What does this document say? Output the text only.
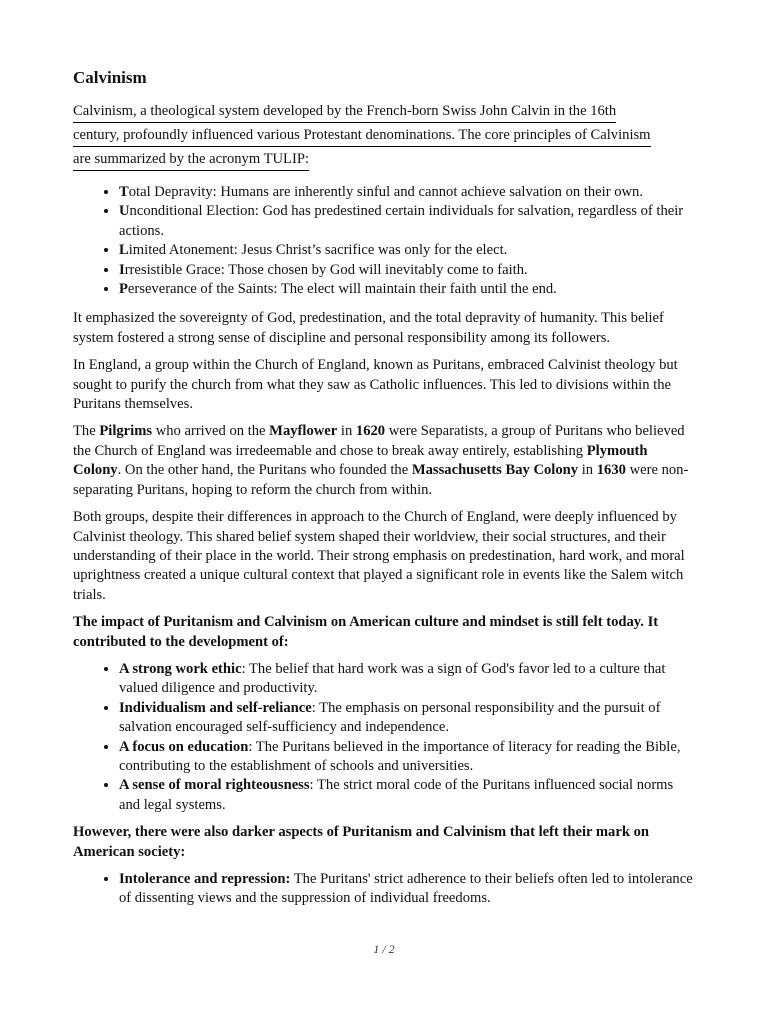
Calvinism
Calvinism, a theological system developed by the French-born Swiss John Calvin in the 16th
century, profoundly influenced various Protestant denominations. The core principles of Calvinism
are summarized by the acronym TULIP:
• Total Depravity: Humans are inherently sinful and cannot achieve salvation on their own.
• Unconditional Election: God has predestined certain individuals for salvation, regardless of their actions.
• Limited Atonement: Jesus Christ’s sacrifice was only for the elect.
• Irresistible Grace: Those chosen by God will inevitably come to faith.
• Perseverance of the Saints: The elect will maintain their faith until the end.

It emphasized the sovereignty of God, predestination, and the total depravity of humanity. This belief system fostered a strong sense of discipline and personal responsibility among its followers.

In England, a group within the Church of England, known as Puritans, embraced Calvinist theology but sought to purify the church from what they saw as Catholic influences. This led to divisions within the Puritans themselves.

The Pilgrims who arrived on the Mayflower in 1620 were Separatists, a group of Puritans who believed the Church of England was irredeemable and chose to break away entirely, establishing Plymouth Colony. On the other hand, the Puritans who founded the Massachusetts Bay Colony in 1630 were non-separating Puritans, hoping to reform the church from within.

Both groups, despite their differences in approach to the Church of England, were deeply influenced by Calvinist theology. This shared belief system shaped their worldview, their social structures, and their understanding of their place in the world. Their strong emphasis on predestination, hard work, and moral uprightness created a unique cultural context that played a significant role in events like the Salem witch trials.

The impact of Puritanism and Calvinism on American culture and mindset is still felt today. It contributed to the development of:

• A strong work ethic: The belief that hard work was a sign of God's favor led to a culture that valued diligence and productivity.
• Individualism and self-reliance: The emphasis on personal responsibility and the pursuit of salvation encouraged self-sufficiency and independence.
• A focus on education: The Puritans believed in the importance of literacy for reading the Bible, contributing to the establishment of schools and universities.
• A sense of moral righteousness: The strict moral code of the Puritans influenced social norms and legal systems.

However, there were also darker aspects of Puritanism and Calvinism that left their mark on American society:

• Intolerance and repression: The Puritans' strict adherence to their beliefs often led to intolerance of dissenting views and the suppression of individual freedoms.
1 / 2
